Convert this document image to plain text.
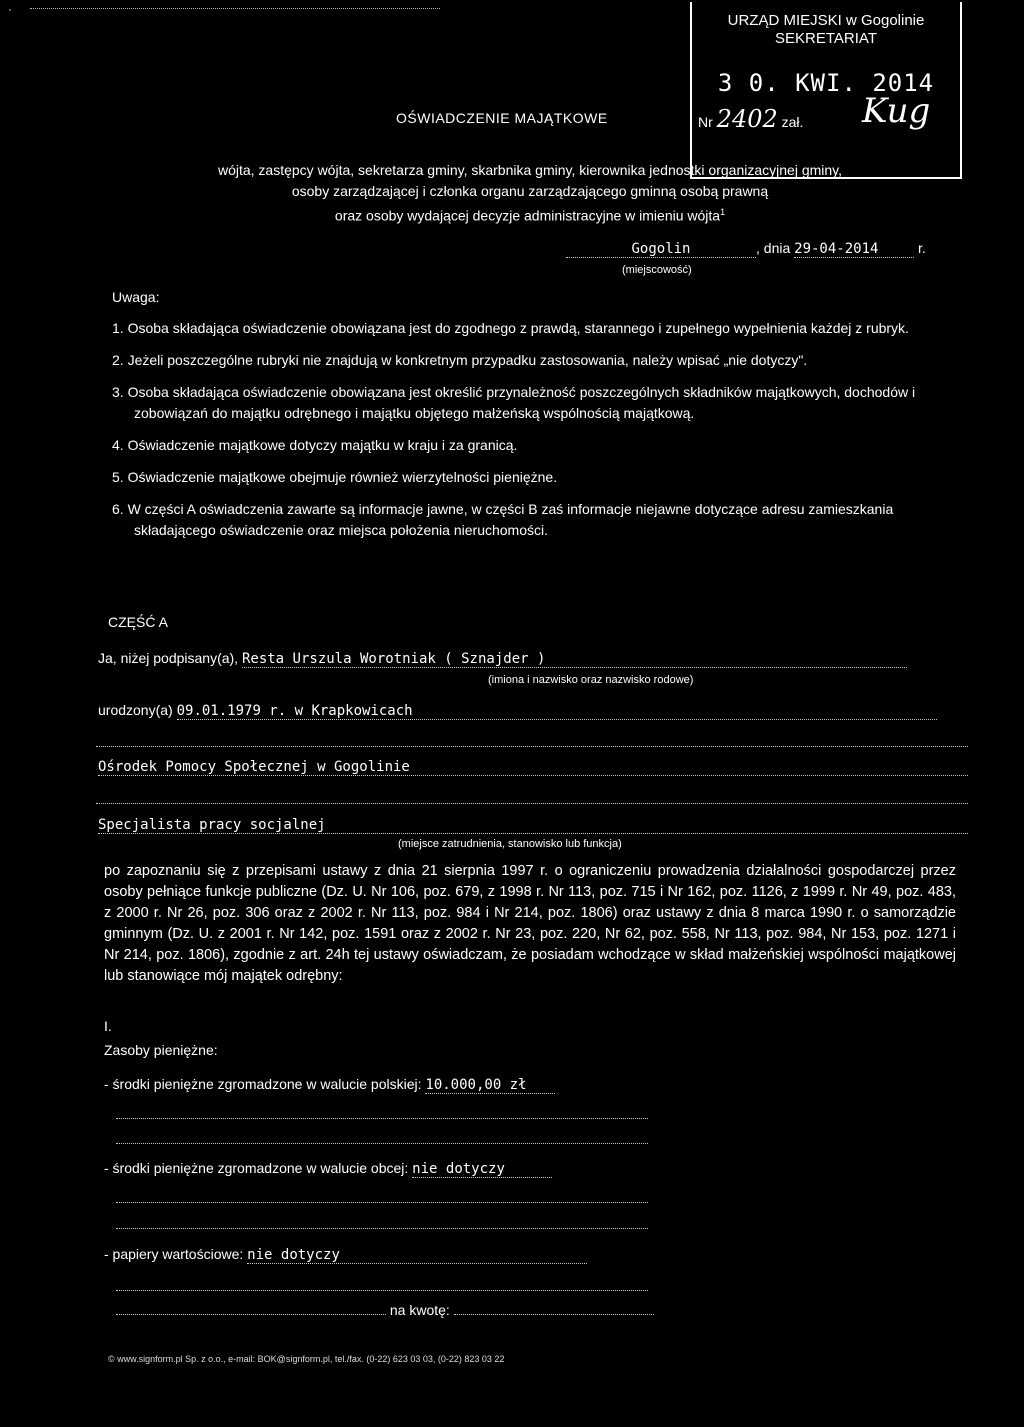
·
URZĄD MIEJSKI w Gogolinie
SEKRETARIAT
3 0. KWI. 2014
Nr 2402 zał. Kug
OŚWIADCZENIE MAJĄTKOWE
wójta, zastępcy wójta, sekretarza gminy, skarbnika gminy, kierownika jednostki organizacyjnej gminy,
osoby zarządzającej i członka organu zarządzającego gminną osobą prawną
oraz osoby wydającej decyzje administracyjne w imieniu wójta$^1$
Gogolin	, dnia 29-04-2014	r.
(miejscowość)
Uwaga:
1. Osoba składająca oświadczenie obowiązana jest do zgodnego z prawdą, starannego i zupełnego wypełnienia każdej z rubryk.
2. Jeżeli poszczególne rubryki nie znajdują w konkretnym przypadku zastosowania, należy wpisać „nie dotyczy".
3. Osoba składająca oświadczenie obowiązana jest określić przynależność poszczególnych składników majątkowych, dochodów i zobowiązań do majątku odrębnego i majątku objętego małżeńską wspólnością majątkową.
4. Oświadczenie majątkowe dotyczy majątku w kraju i za granicą.
5. Oświadczenie majątkowe obejmuje również wierzytelności pieniężne.
6. W części A oświadczenia zawarte są informacje jawne, w części B zaś informacje niejawne dotyczące adresu zamieszkania składającego oświadczenie oraz miejsca położenia nieruchomości.
CZĘŚĆ A
Ja, niżej podpisany(a), Resta Urszula Worotniak ( Sznajder )
(imiona i nazwisko oraz nazwisko rodowe)
urodzony(a) 09.01.1979 r. w Krapkowicach
Ośrodek Pomocy Społecznej w Gogolinie
Specjalista pracy socjalnej
(miejsce zatrudnienia, stanowisko lub funkcja)
po zapoznaniu się z przepisami ustawy z dnia 21 sierpnia 1997 r. o ograniczeniu prowadzenia działalności gospodarczej przez osoby pełniące funkcje publiczne (Dz. U. Nr 106, poz. 679, z 1998 r. Nr 113, poz. 715 i Nr 162, poz. 1126, z 1999 r. Nr 49, poz. 483, z 2000 r. Nr 26, poz. 306 oraz z 2002 r. Nr 113, poz. 984 i Nr 214, poz. 1806) oraz ustawy z dnia 8 marca 1990 r. o samorządzie gminnym (Dz. U. z 2001 r. Nr 142, poz. 1591 oraz z 2002 r. Nr 23, poz. 220, Nr 62, poz. 558, Nr 113, poz. 984, Nr 153, poz. 1271 i Nr 214, poz. 1806), zgodnie z art. 24h tej ustawy oświadczam, że posiadam wchodzące w skład małżeńskiej wspólności majątkowej lub stanowiące mój majątek odrębny:
I.
Zasoby pieniężne:
- środki pieniężne zgromadzone w walucie polskiej: 10.000,00 zł
- środki pieniężne zgromadzone w walucie obcej: nie dotyczy
- papiery wartościowe: nie dotyczy
na kwotę:
© www.signform.pl Sp. z o.o., e-mail: BOK@signform.pl, tel./fax. (0-22) 623 03 03, (0-22) 823 03 22
